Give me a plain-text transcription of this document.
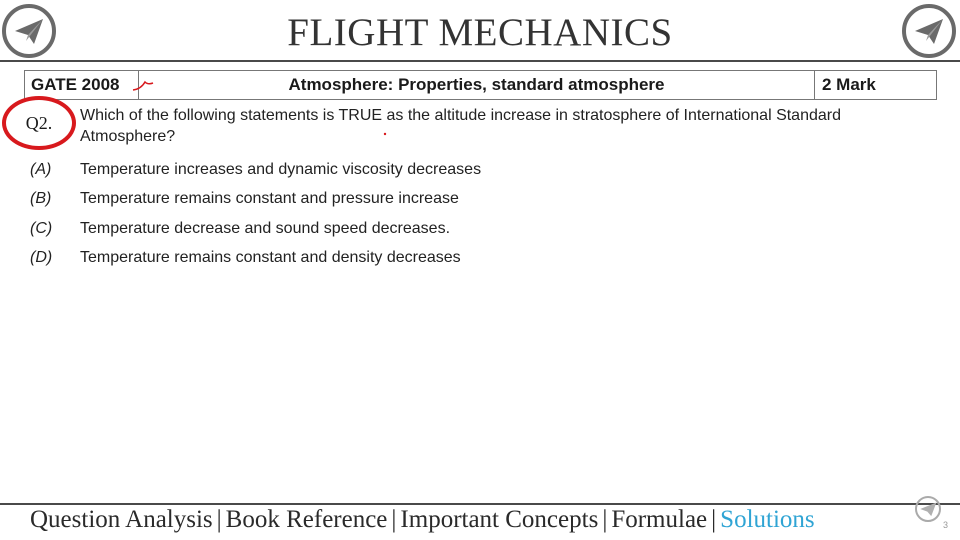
FLIGHT MECHANICS
GATE 2008	Atmosphere: Properties, standard atmosphere	2 Mark
Q2. Which of the following statements is TRUE as the altitude increase in stratosphere of International Standard Atmosphere?
(A)	Temperature increases and dynamic viscosity decreases
(B)	Temperature remains constant and pressure increase
(C)	Temperature decrease and sound speed decreases.
(D)	Temperature remains constant and density decreases
Question Analysis | Book Reference | Important Concepts | Formulae | Solutions	3
